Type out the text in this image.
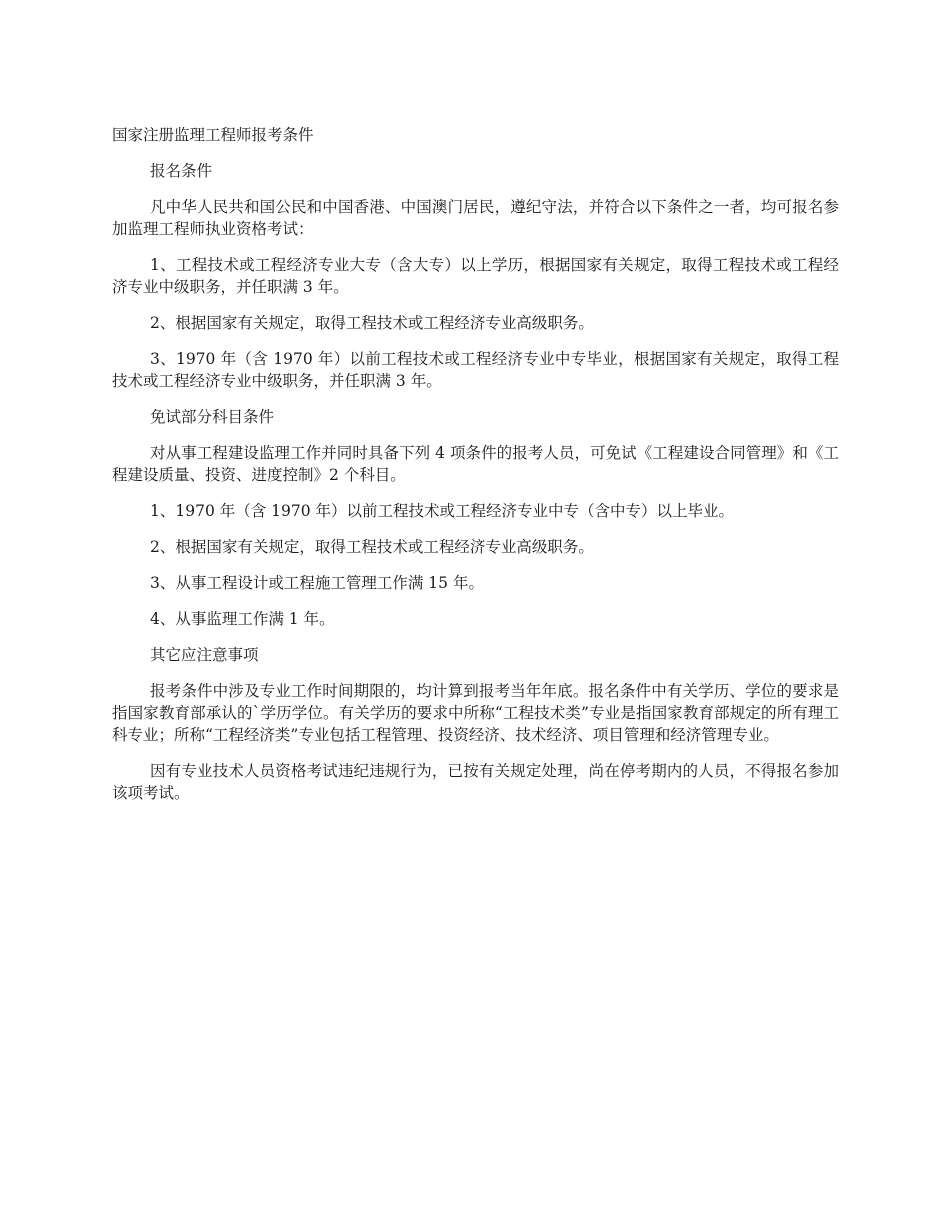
国家注册监理工程师报考条件

报名条件

凡中华人民共和国公民和中国香港、中国澳门居民，遵纪守法，并符合以下条件之一者，均可报名参加监理工程师执业资格考试：

1、工程技术或工程经济专业大专（含大专）以上学历，根据国家有关规定，取得工程技术或工程经济专业中级职务，并任职满 3 年。

2、根据国家有关规定，取得工程技术或工程经济专业高级职务。

3、1970 年（含 1970 年）以前工程技术或工程经济专业中专毕业，根据国家有关规定，取得工程技术或工程经济专业中级职务，并任职满 3 年。

免试部分科目条件

对从事工程建设监理工作并同时具备下列 4 项条件的报考人员，可免试《工程建设合同管理》和《工程建设质量、投资、进度控制》2 个科目。

1、1970 年（含 1970 年）以前工程技术或工程经济专业中专（含中专）以上毕业。

2、根据国家有关规定，取得工程技术或工程经济专业高级职务。

3、从事工程设计或工程施工管理工作满 15 年。

4、从事监理工作满 1 年。

其它应注意事项

报考条件中涉及专业工作时间期限的，均计算到报考当年年底。报名条件中有关学历、学位的要求是指国家教育部承认的`学历学位。有关学历的要求中所称“工程技术类”专业是指国家教育部规定的所有理工科专业；所称“工程经济类”专业包括工程管理、投资经济、技术经济、项目管理和经济管理专业。

因有专业技术人员资格考试违纪违规行为，已按有关规定处理，尚在停考期内的人员，不得报名参加该项考试。
